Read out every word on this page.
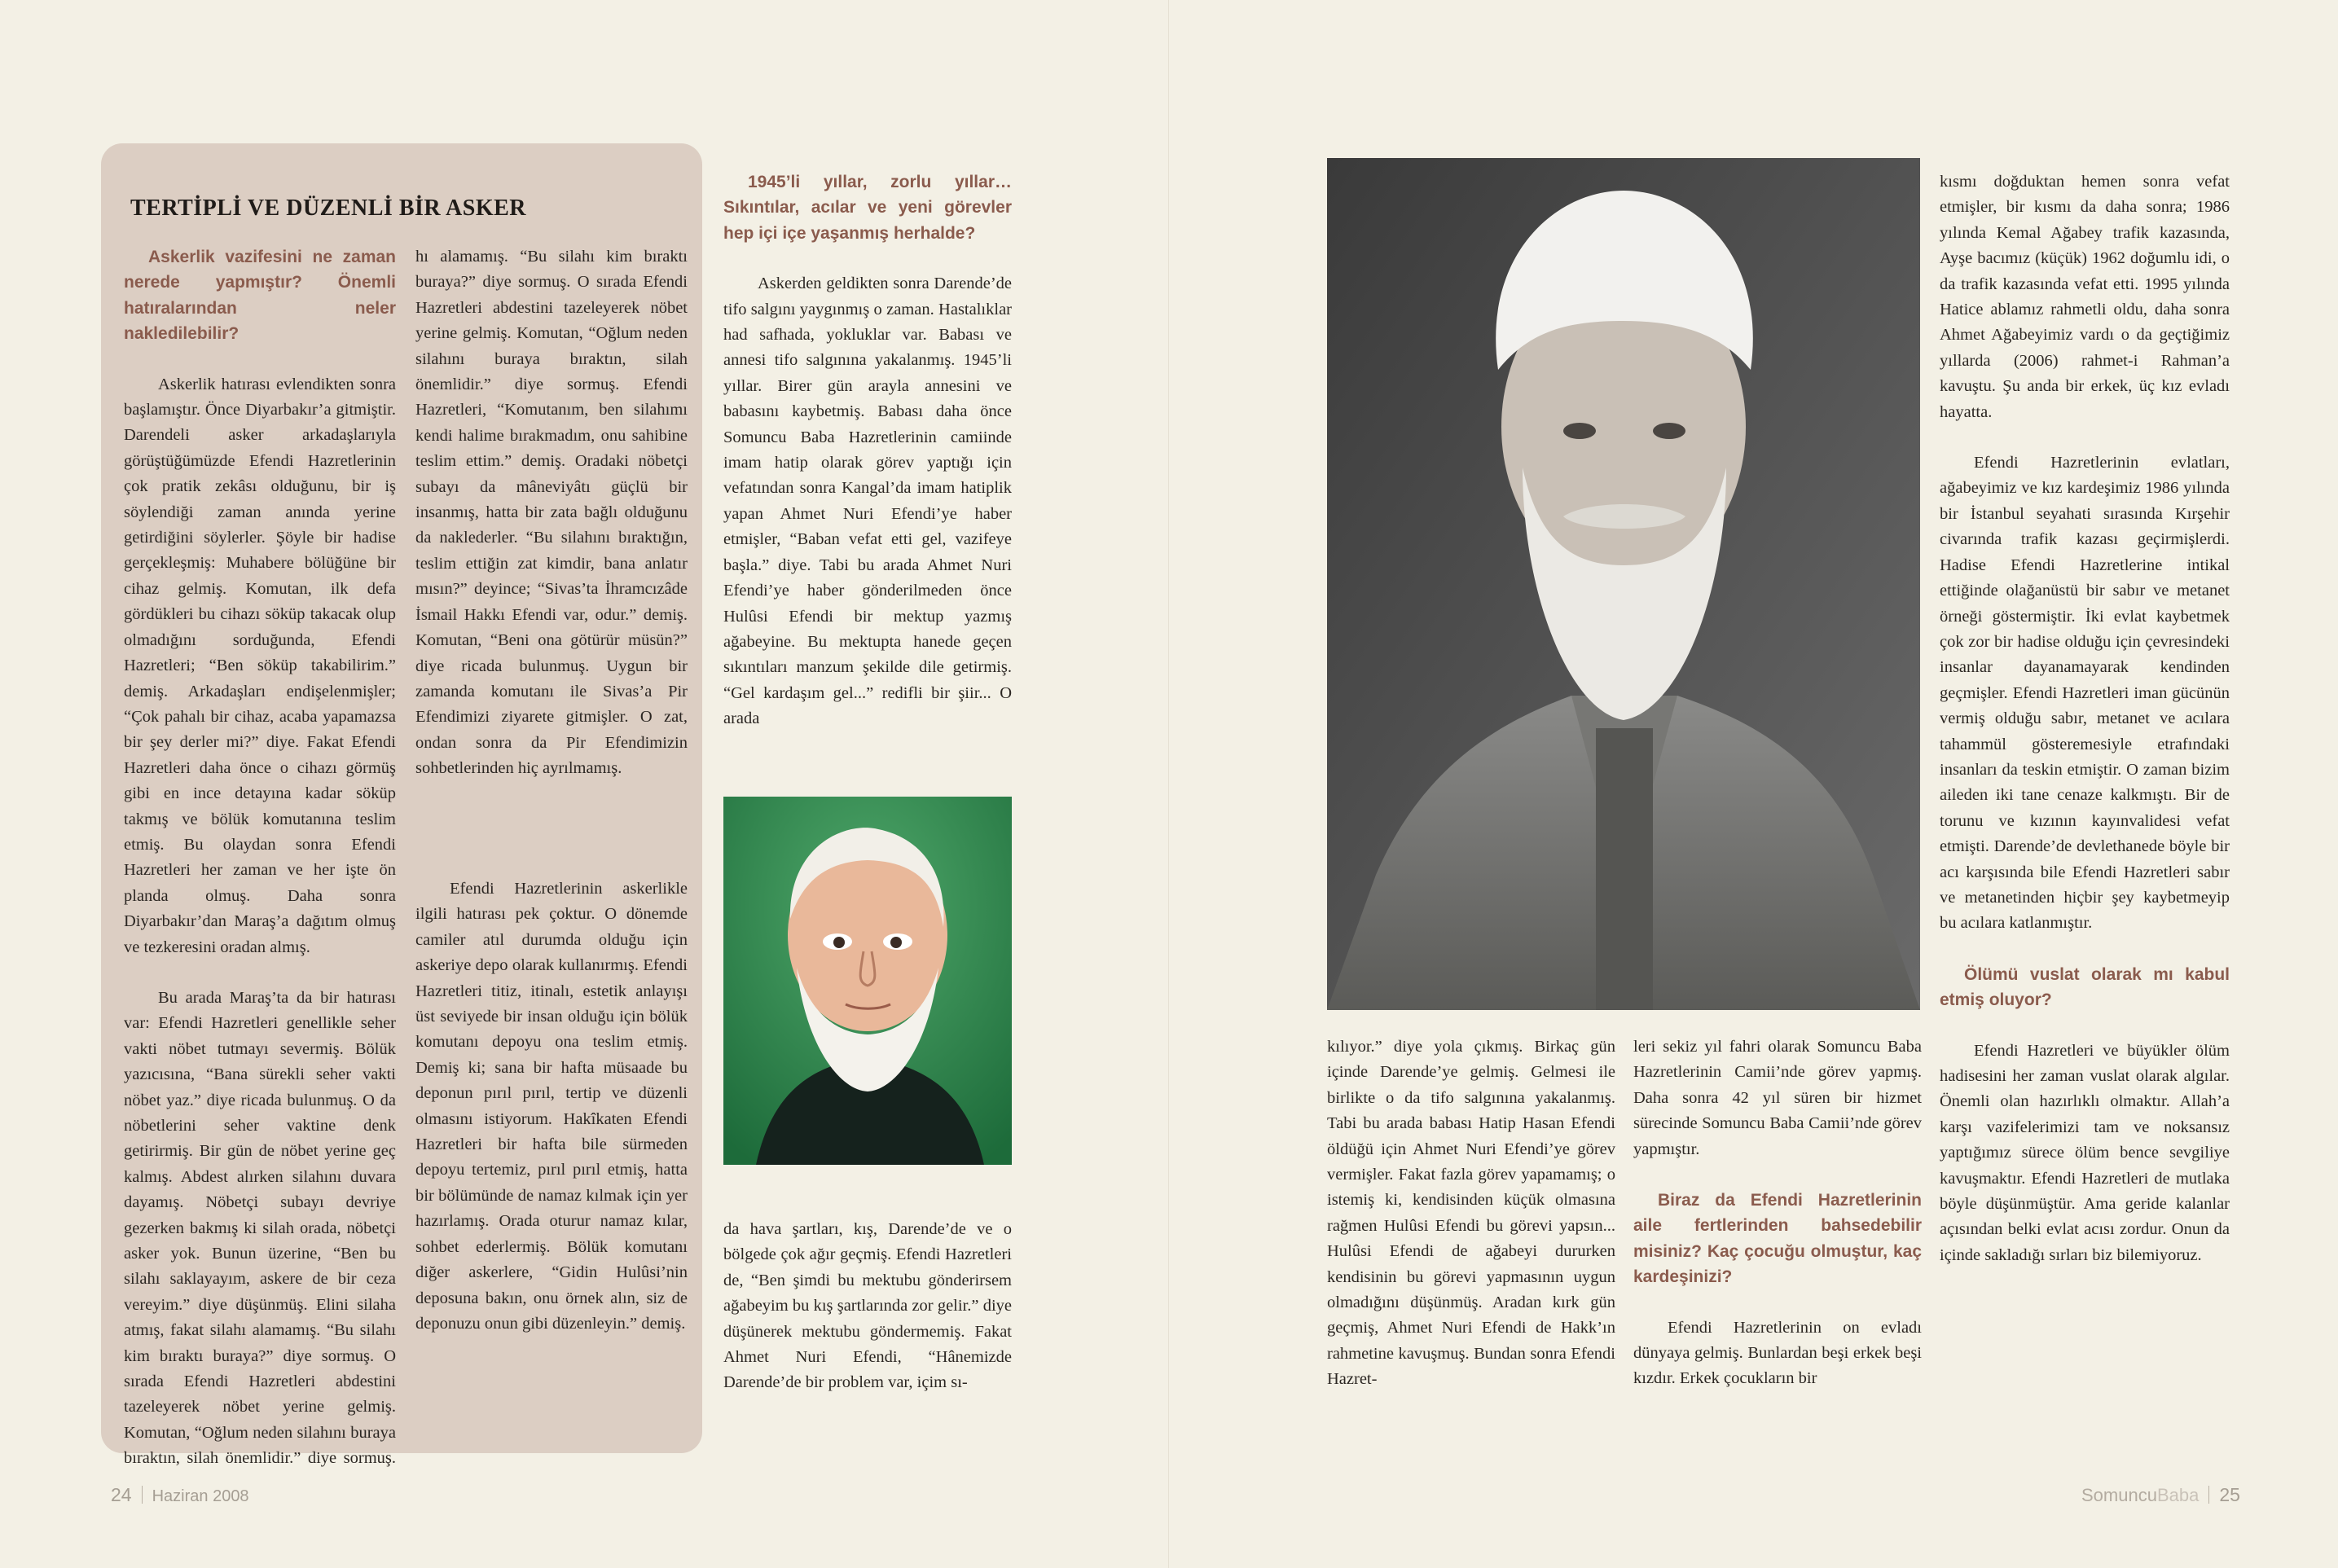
TERTİPLİ VE DÜZENLİ BİR ASKER
Askerlik vazifesini ne zaman nerede yapmıştır? Önemli hatıralarından neler nakledilebilir?

Askerlik hatırası evlendikten sonra başlamıştır. Önce Diyarbakır’a gitmiştir. Darendeli asker arkadaşlarıyla görüştüğümüzde Efendi Hazretlerinin çok pratik zekâsı olduğunu, bir iş söylendiği zaman anında yerine getirdiğini söylerler. Şöyle bir hadise gerçekleşmiş: Muhabere bölüğüne bir cihaz gelmiş. Komutan, ilk defa gördükleri bu cihazı söküp takacak olup olmadığını sorduğunda, Efendi Hazretleri; “Ben söküp takabilirim.” demiş. Arkadaşları endişelenmişler; “Çok pahalı bir cihaz, acaba yapamazsa bir şey derler mi?” diye. Fakat Efendi Hazretleri daha önce o cihazı görmüş gibi en ince detayına kadar söküp takmış ve bölük komutanına teslim etmiş. Bu olaydan sonra Efendi Hazretleri her zaman ve her işte ön planda olmuş. Daha sonra Diyarbakır’dan Maraş’a dağıtım olmuş ve tezkeresini oradan almış.

Bu arada Maraş’ta da bir hatırası var: Efendi Hazretleri genellikle seher vakti nöbet tutmayı severmiş. Bölük yazıcısına, “Bana sürekli seher vakti nöbet yaz.” diye ricada bulunmuş. O da nöbetlerini seher vaktine denk getirirmiş. Bir gün de nöbet yerine geç kalmış. Abdest alırken silahını duvara dayamış. Nöbetçi subayı devriye gezerken bakmış ki silah orada, nöbetçi asker yok. Bunun üzerine, “Ben bu silahı saklayayım, askere de bir ceza vereyim.” diye düşünmüş. Elini silaha atmış, fakat silahı alamamış. “Bu silahı kim bıraktı buraya?” diye sormuş. O sırada Efendi Hazretleri abdestini tazeleyerek nöbet yerine gelmiş. Komutan, “Oğlum neden silahını buraya bıraktın, silah önemlidir.” diye sormuş.

hı alamamış. “Bu silahı kim bıraktı buraya?” diye sormuş. O sırada Efendi Hazretleri abdestini tazeleyerek nöbet yerine gelmiş. Komutan, “Oğlum neden silahını buraya bıraktın, silah önemlidir.” diye sormuş. Efendi Hazretleri, “Komutanım, ben silahımı kendi halime bırakmadım, onu sahibine teslim ettim.” demiş. Oradaki nöbetçi subayı da mâneviyâtı güçlü bir insanmış, hatta bir zata bağlı olduğunu da naklederler. “Bu silahını bıraktığın, teslim ettiğin zat kimdir, bana anlatır mısın?” deyince; “Sivas’ta İhramcızâde İsmail Hakkı Efendi var, odur.” demiş. Komutan, “Beni ona götürür müsün?” diye ricada bulunmuş. Uygun bir zamanda komutanı ile Sivas’a Pir Efendimizi ziyarete gitmişler. O zat, ondan sonra da Pir Efendimizin sohbetlerinden hiç ayrılmamış.

Efendi Hazretlerinin askerlikle ilgili hatırası pek çoktur. O dönemde camiler atıl durumda olduğu için askeriye depo olarak kullanırmış. Efendi Hazretleri titiz, itinalı, estetik anlayışı üst seviyede bir insan olduğu için bölük komutanı depoyu ona teslim etmiş. Demiş ki; sana bir hafta müsaade bu deponun pırıl pırıl, tertip ve düzenli olmasını istiyorum. Hakîkaten Efendi Hazretleri bir hafta bile sürmeden depoyu tertemiz, pırıl pırıl etmiş, hatta bir bölümünde de namaz kılmak için yer hazırlamış. Orada oturur namaz kılar, sohbet ederlermiş. Bölük komutanı diğer askerlere, “Gidin Hulûsi’nin deposuna bakın, onu örnek alın, siz de deponuzu onun gibi düzenleyin.” demiş.

1945’li yıllar, zorlu yıllar… Sıkıntılar, acılar ve yeni görevler hep içi içe yaşanmış herhalde?

Askerden geldikten sonra Darende’de tifo salgını yaygınmış o zaman. Hastalıklar had safhada, yokluklar var. Babası ve annesi tifo salgınına yakalanmış. 1945’li yıllar. Birer gün arayla annesini ve babasını kaybetmiş. Babası daha önce Somuncu Baba Hazretlerinin camiinde imam hatip olarak görev yaptığı için vefatından sonra Kangal’da imam hatiplik yapan Ahmet Nuri Efendi’ye haber etmişler, “Baban vefat etti gel, vazifeye başla.” diye. Tabi bu arada Ahmet Nuri Efendi’ye haber gönderilmeden önce Hulûsi Efendi bir mektup yazmış ağabeyine. Bu mektupta hanede geçen sıkıntıları manzum şekilde dile getirmiş. “Gel kardaşım gel...” redifli bir şiir... O arada

da hava şartları, kış, Darende’de ve o bölgede çok ağır geçmiş. Efendi Hazretleri de, “Ben şimdi bu mektubu gönderirsem ağabeyim bu kış şartlarında zor gelir.” diye düşünerek mektubu göndermemiş. Fakat Ahmet Nuri Efendi, “Hânemizde Darende’de bir problem var, içim sı-

24 Haziran 2008

kılıyor.” diye yola çıkmış. Birkaç gün içinde Darende’ye gelmiş. Gelmesi ile birlikte o da tifo salgınına yakalanmış. Tabi bu arada babası Hatip Hasan Efendi öldüğü için Ahmet Nuri Efendi’ye görev vermişler. Fakat fazla görev yapamamış; o istemiş ki, kendisinden küçük olmasına rağmen Hulûsi Efendi bu görevi yapsın... Hulûsi Efendi de ağabeyi dururken kendisinin bu görevi yapmasının uygun olmadığını düşünmüş. Aradan kırk gün geçmiş, Ahmet Nuri Efendi de Hakk’ın rahmetine kavuşmuş. Bundan sonra Efendi Hazret-

leri sekiz yıl fahri olarak Somuncu Baba Hazretlerinin Camii’nde görev yapmış. Daha sonra 42 yıl süren bir hizmet sürecinde Somuncu Baba Camii’nde görev yapmıştır.

Biraz da Efendi Hazretlerinin aile fertlerinden bahsedebilir misiniz? Kaç çocuğu olmuştur, kaç kardeşinizi?

Efendi Hazretlerinin on evladı dünyaya gelmiş. Bunlardan beşi erkek beşi kızdır. Erkek çocukların bir

kısmı doğduktan hemen sonra vefat etmişler, bir kısmı da daha sonra; 1986 yılında Kemal Ağabey trafik kazasında, Ayşe bacımız (küçük) 1962 doğumlu idi, o da trafik kazasında vefat etti. 1995 yılında Hatice ablamız rahmetli oldu, daha sonra Ahmet Ağabeyimiz vardı o da geçtiğimiz yıllarda (2006) rahmet-i Rahman’a kavuştu. Şu anda bir erkek, üç kız evladı hayatta.

Efendi Hazretlerinin evlatları, ağabeyimiz ve kız kardeşimiz 1986 yılında bir İstanbul seyahati sırasında Kırşehir civarında trafik kazası geçirmişlerdi. Hadise Efendi Hazretlerine intikal ettiğinde olağanüstü bir sabır ve metanet örneği göstermiştir. İki evlat kaybetmek çok zor bir hadise olduğu için çevresindeki insanlar dayanamayarak kendinden geçmişler. Efendi Hazretleri iman gücünün vermiş olduğu sabır, metanet ve acılara tahammül gösteremesiyle etrafındaki insanları da teskin etmiştir. O zaman bizim aileden iki tane cenaze kalkmıştı. Bir de torunu ve kızının kayınvalidesi vefat etmişti. Darende’de devlethanede böyle bir acı karşısında bile Efendi Hazretleri sabır ve metanetinden hiçbir şey kaybetmeyip bu acılara katlanmıştır.

Ölümü vuslat olarak mı kabul etmiş oluyor?

Efendi Hazretleri ve büyükler ölüm hadisesini her zaman vuslat olarak algılar. Önemli olan hazırlıklı olmaktır. Allah’a karşı vazifelerimizi tam ve noksansız yaptığımız sürece ölüm bence sevgiliye kavuşmaktır. Efendi Hazretleri de mutlaka böyle düşünmüştür. Ama geride kalanlar açısından belki evlat acısı zordur. Onun da içinde sakladığı sırları biz bilemiyoruz.

SomuncuBaba 25
